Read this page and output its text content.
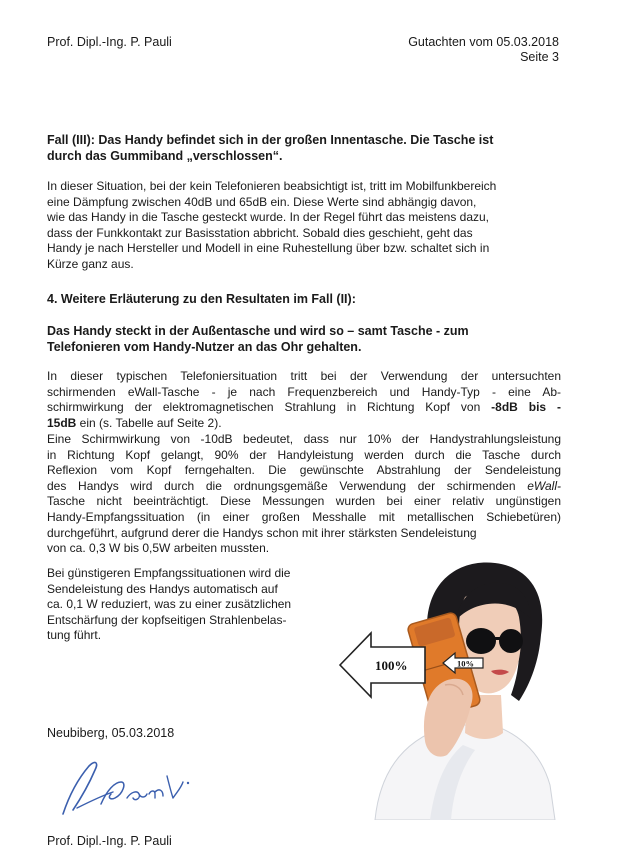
Prof. Dipl.-Ing. P. Pauli	Gutachten vom 05.03.2018
Seite 3
Fall (III): Das Handy befindet sich in der großen Innentasche. Die Tasche ist
durch das Gummiband „verschlossen“.
In dieser Situation, bei der kein Telefonieren beabsichtigt ist, tritt im Mobilfunkbereich
eine Dämpfung zwischen 40dB und 65dB ein. Diese Werte sind abhängig davon,
wie das Handy in die Tasche gesteckt wurde. In der Regel führt das meistens dazu,
dass der Funkkontakt zur Basisstation abbricht. Sobald dies geschieht, geht das
Handy je nach Hersteller und Modell in eine Ruhestellung über bzw. schaltet sich in
Kürze ganz aus.
4. Weitere Erläuterung zu den Resultaten im Fall (II):
Das Handy steckt in der Außentasche und wird so – samt Tasche - zum
Telefonieren vom Handy-Nutzer an das Ohr gehalten.
In dieser typischen Telefoniersituation tritt bei der Verwendung der untersuchten
schirmenden eWall-Tasche - je nach Frequenzbereich und Handy-Typ - eine Ab-
schirmwirkung der elektromagnetischen Strahlung in Richtung Kopf von -8dB bis -
15dB ein (s. Tabelle auf Seite 2).
Eine Schirmwirkung von -10dB bedeutet, dass nur 10% der Handystrahlungsleistung
in Richtung Kopf gelangt, 90% der Handyleistung werden durch die Tasche durch
Reflexion vom Kopf ferngehalten. Die gewünschte Abstrahlung der Sendeleistung
des Handys wird durch die ordnungsgemäße Verwendung der schirmenden eWall-
Tasche nicht beeinträchtigt. Diese Messungen wurden bei einer relativ ungünstigen
Handy-Empfangssituation (in einer großen Messhalle mit metallischen Schiebetüren)
durchgeführt, aufgrund derer die Handys schon mit ihrer stärksten Sendeleistung
von ca. 0,3 W bis 0,5W arbeiten mussten.
Bei günstigeren Empfangssituationen wird die
Sendeleistung des Handys automatisch auf
ca. 0,1 W reduziert, was zu einer zusätzlichen
Entschärfung der kopfseitigen Strahlenbelas-
tung führt.
10%
100%
Neubiberg, 05.03.2018
Prof. Dipl.-Ing. P. Pauli
